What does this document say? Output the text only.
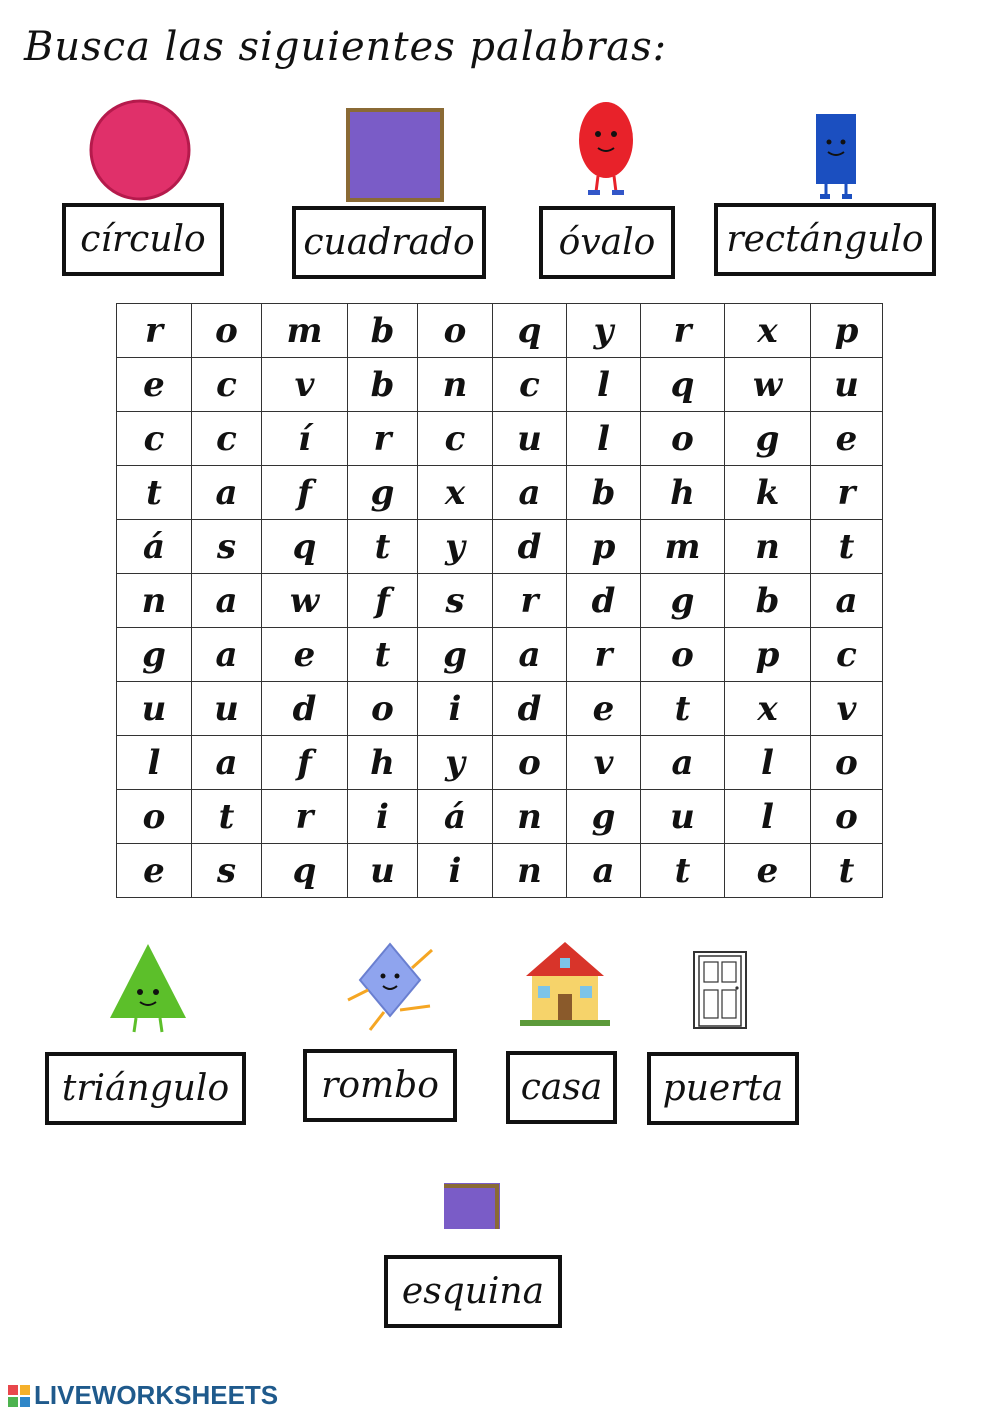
Busca las siguientes palabras:
círculo	cuadrado óvalo rectángulo
r	o	m	b	o	q	y	r	x	p
e	c	v	b	n	c	l	q	w	u
c	c	í	r	c	u	l	o	g	e
t	a	f	g	x	a	b	h	k	r
á	s	q	t	y	d	p	m	n	t
n	a	w	f	s	r	d	g	b	a
g	a	e	t	g	a	r	o	p	c
u	u	d	o	i	d	e	t	x	v
l	a	f	h	y	o	v	a	l	o
o	t	r	i	á	n	g	u	l	o
e	s	q	u	i	n	a	t	e	t
triángulo	rombo casa puerta
esquina
LIVEWORKSHEETS
